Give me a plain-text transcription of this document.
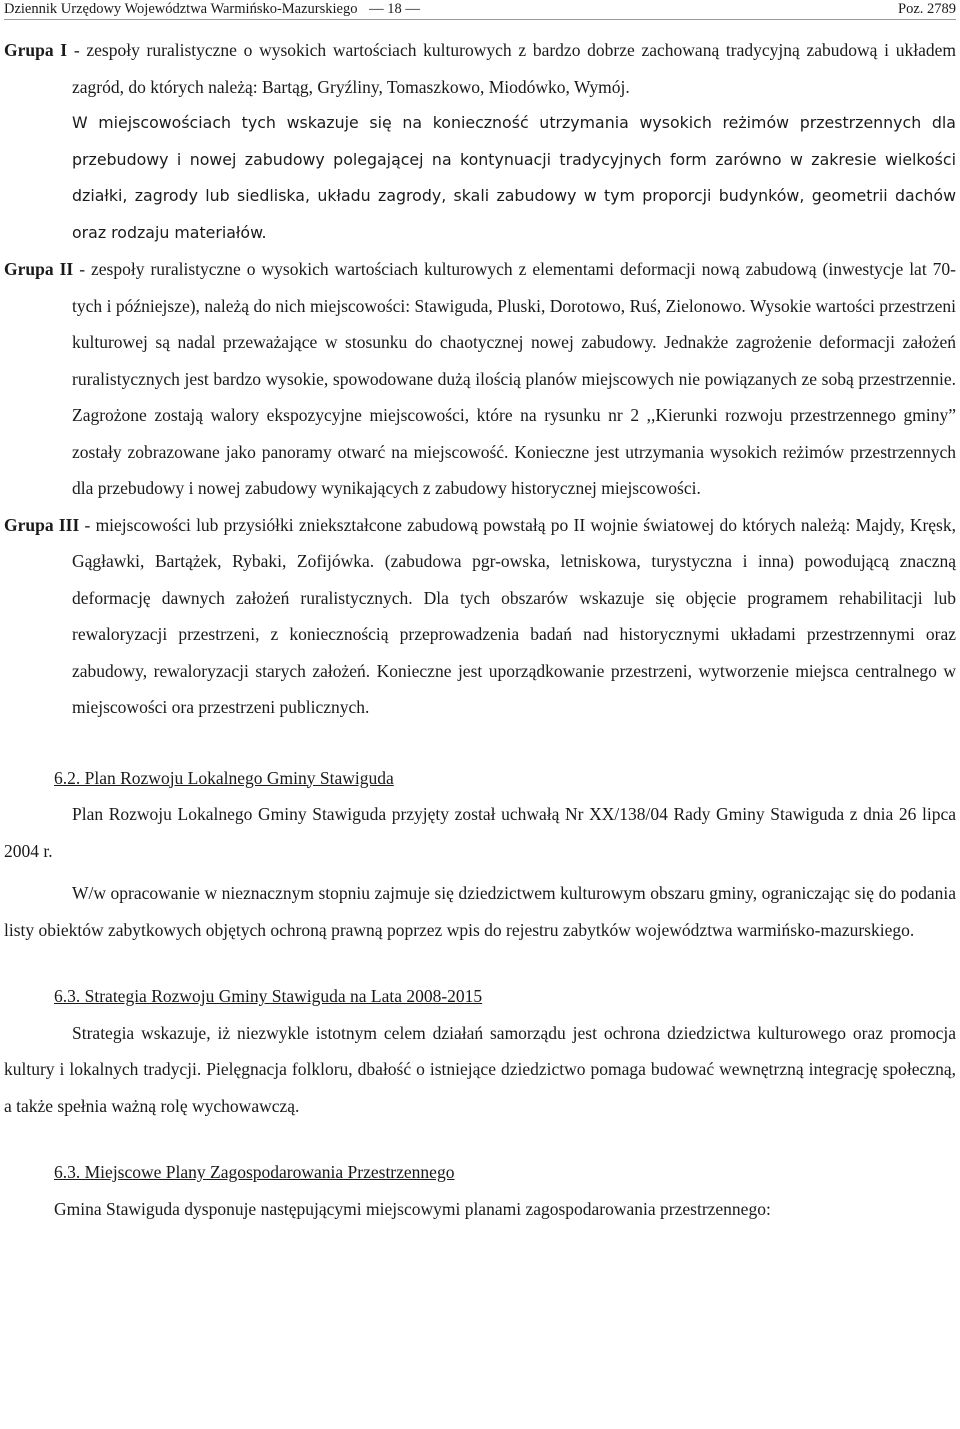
Dziennik Urzędowy Województwa Warmińsko-Mazurskiego — 18 —	Poz. 2789

Grupa I - zespoły ruralistyczne o wysokich wartościach kulturowych z bardzo dobrze zachowaną tradycyjną zabudową i układem zagród, do których należą: Bartąg, Gryźliny, Tomaszkowo, Miodówko, Wymój.

W miejscowościach tych wskazuje się na konieczność utrzymania wysokich reżimów przestrzennych dla przebudowy i nowej zabudowy polegającej na kontynuacji tradycyjnych form zarówno w zakresie wielkości działki, zagrody lub siedliska, układu zagrody, skali zabudowy w tym proporcji budynków, geometrii dachów oraz rodzaju materiałów.

Grupa II - zespoły ruralistyczne o wysokich wartościach kulturowych z elementami deformacji nową zabudową (inwestycje lat 70-tych i późniejsze), należą do nich miejscowości: Stawiguda, Pluski, Dorotowo, Ruś, Zielonowo. Wysokie wartości przestrzeni kulturowej są nadal przeważające w stosunku do chaotycznej nowej zabudowy. Jednakże zagrożenie deformacji założeń ruralistycznych jest bardzo wysokie, spowodowane dużą ilością planów miejscowych nie powiązanych ze sobą przestrzennie. Zagrożone zostają walory ekspozycyjne miejscowości, które na rysunku nr 2 ,,Kierunki rozwoju przestrzennego gminy” zostały zobrazowane jako panoramy otwarć na miejscowość. Konieczne jest utrzymania wysokich reżimów przestrzennych dla przebudowy i nowej zabudowy wynikających z zabudowy historycznej miejscowości.

Grupa III - miejscowości lub przysiółki zniekształcone zabudową powstałą po II wojnie światowej do których należą: Majdy, Kręsk, Gągławki, Bartążek, Rybaki, Zofijówka. (zabudowa pgr-owska, letniskowa, turystyczna i inna) powodującą znaczną deformację dawnych założeń ruralistycznych. Dla tych obszarów wskazuje się objęcie programem rehabilitacji lub rewaloryzacji przestrzeni, z koniecznością przeprowadzenia badań nad historycznymi układami przestrzennymi oraz zabudowy, rewaloryzacji starych założeń. Konieczne jest uporządkowanie przestrzeni, wytworzenie miejsca centralnego w miejscowości ora przestrzeni publicznych.

6.2. Plan Rozwoju Lokalnego Gminy Stawiguda

Plan Rozwoju Lokalnego Gminy Stawiguda przyjęty został uchwałą Nr XX/138/04 Rady Gminy Stawiguda z dnia 26 lipca 2004 r.

W/w opracowanie w nieznacznym stopniu zajmuje się dziedzictwem kulturowym obszaru gminy, ograniczając się do podania listy obiektów zabytkowych objętych ochroną prawną poprzez wpis do rejestru zabytków województwa warmińsko-mazurskiego.

6.3. Strategia Rozwoju Gminy Stawiguda na Lata 2008-2015

Strategia wskazuje, iż niezwykle istotnym celem działań samorządu jest ochrona dziedzictwa kulturowego oraz promocja kultury i lokalnych tradycji. Pielęgnacja folkloru, dbałość o istniejące dziedzictwo pomaga budować wewnętrzną integrację społeczną, a także spełnia ważną rolę wychowawczą.

6.3. Miejscowe Plany Zagospodarowania Przestrzennego

Gmina Stawiguda dysponuje następującymi miejscowymi planami zagospodarowania przestrzennego:
